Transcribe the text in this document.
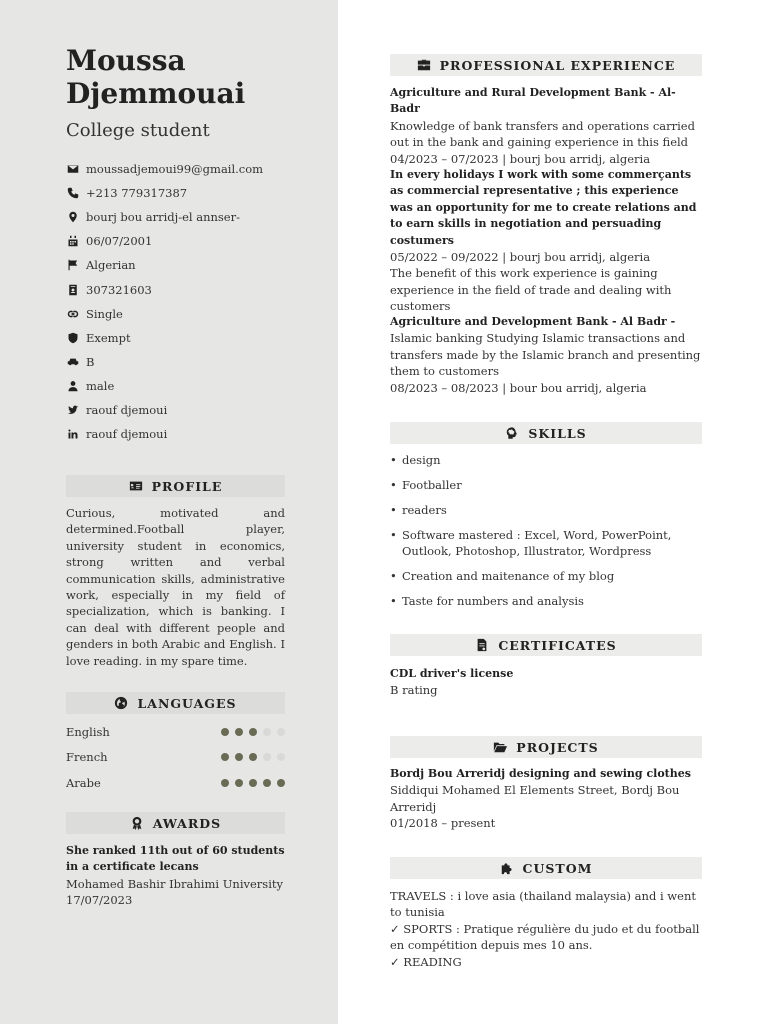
Moussa
Djemmouai
College student
moussadjemoui99@gmail.com
+213 779317387
bourj bou arridj-el annser-
06/07/2001
Algerian
307321603
Single
Exempt
B
male
raouf djemoui
raouf djemoui
PROFILE
Curious, motivated and determined.Football player, university student in economics, strong written and verbal communication skills, administrative work, especially in my field of specialization, which is banking. I can deal with different people and genders in both Arabic and English. I love reading. in my spare time.
LANGUAGES
English
French
Arabe
AWARDS
She ranked 11th out of 60 students in a certificate lecans
Mohamed Bashir Ibrahimi University
17/07/2023
PROFESSIONAL EXPERIENCE
Agriculture and Rural Development Bank - Al-Badr
Knowledge of bank transfers and operations carried out in the bank and gaining experience in this field
04/2023 – 07/2023 | bourj bou arridj, algeria
In every holidays I work with some commerçants as commercial representative ; this experience was an opportunity for me to create relations and to earn skills in negotiation and persuading costumers
05/2022 – 09/2022 | bourj bou arridj, algeria
The benefit of this work experience is gaining experience in the field of trade and dealing with customers
Agriculture and Development Bank - Al Badr -
Islamic banking Studying Islamic transactions and transfers made by the Islamic branch and presenting them to customers
08/2023 – 08/2023 | bour bou arridj, algeria
SKILLS
• design
• Footballer
• readers
• Software mastered : Excel, Word, PowerPoint, Outlook, Photoshop, Illustrator, Wordpress
• Creation and maitenance of my blog
• Taste for numbers and analysis
CERTIFICATES
CDL driver's license
B rating
PROJECTS
Bordj Bou Arreridj designing and sewing clothes
Siddiqui Mohamed El Elements Street, Bordj Bou Arreridj
01/2018 – present
CUSTOM
TRAVELS : i love asia (thailand malaysia) and i went to tunisia
✓ SPORTS : Pratique régulière du judo et du football en compétition depuis mes 10 ans.
✓ READING
